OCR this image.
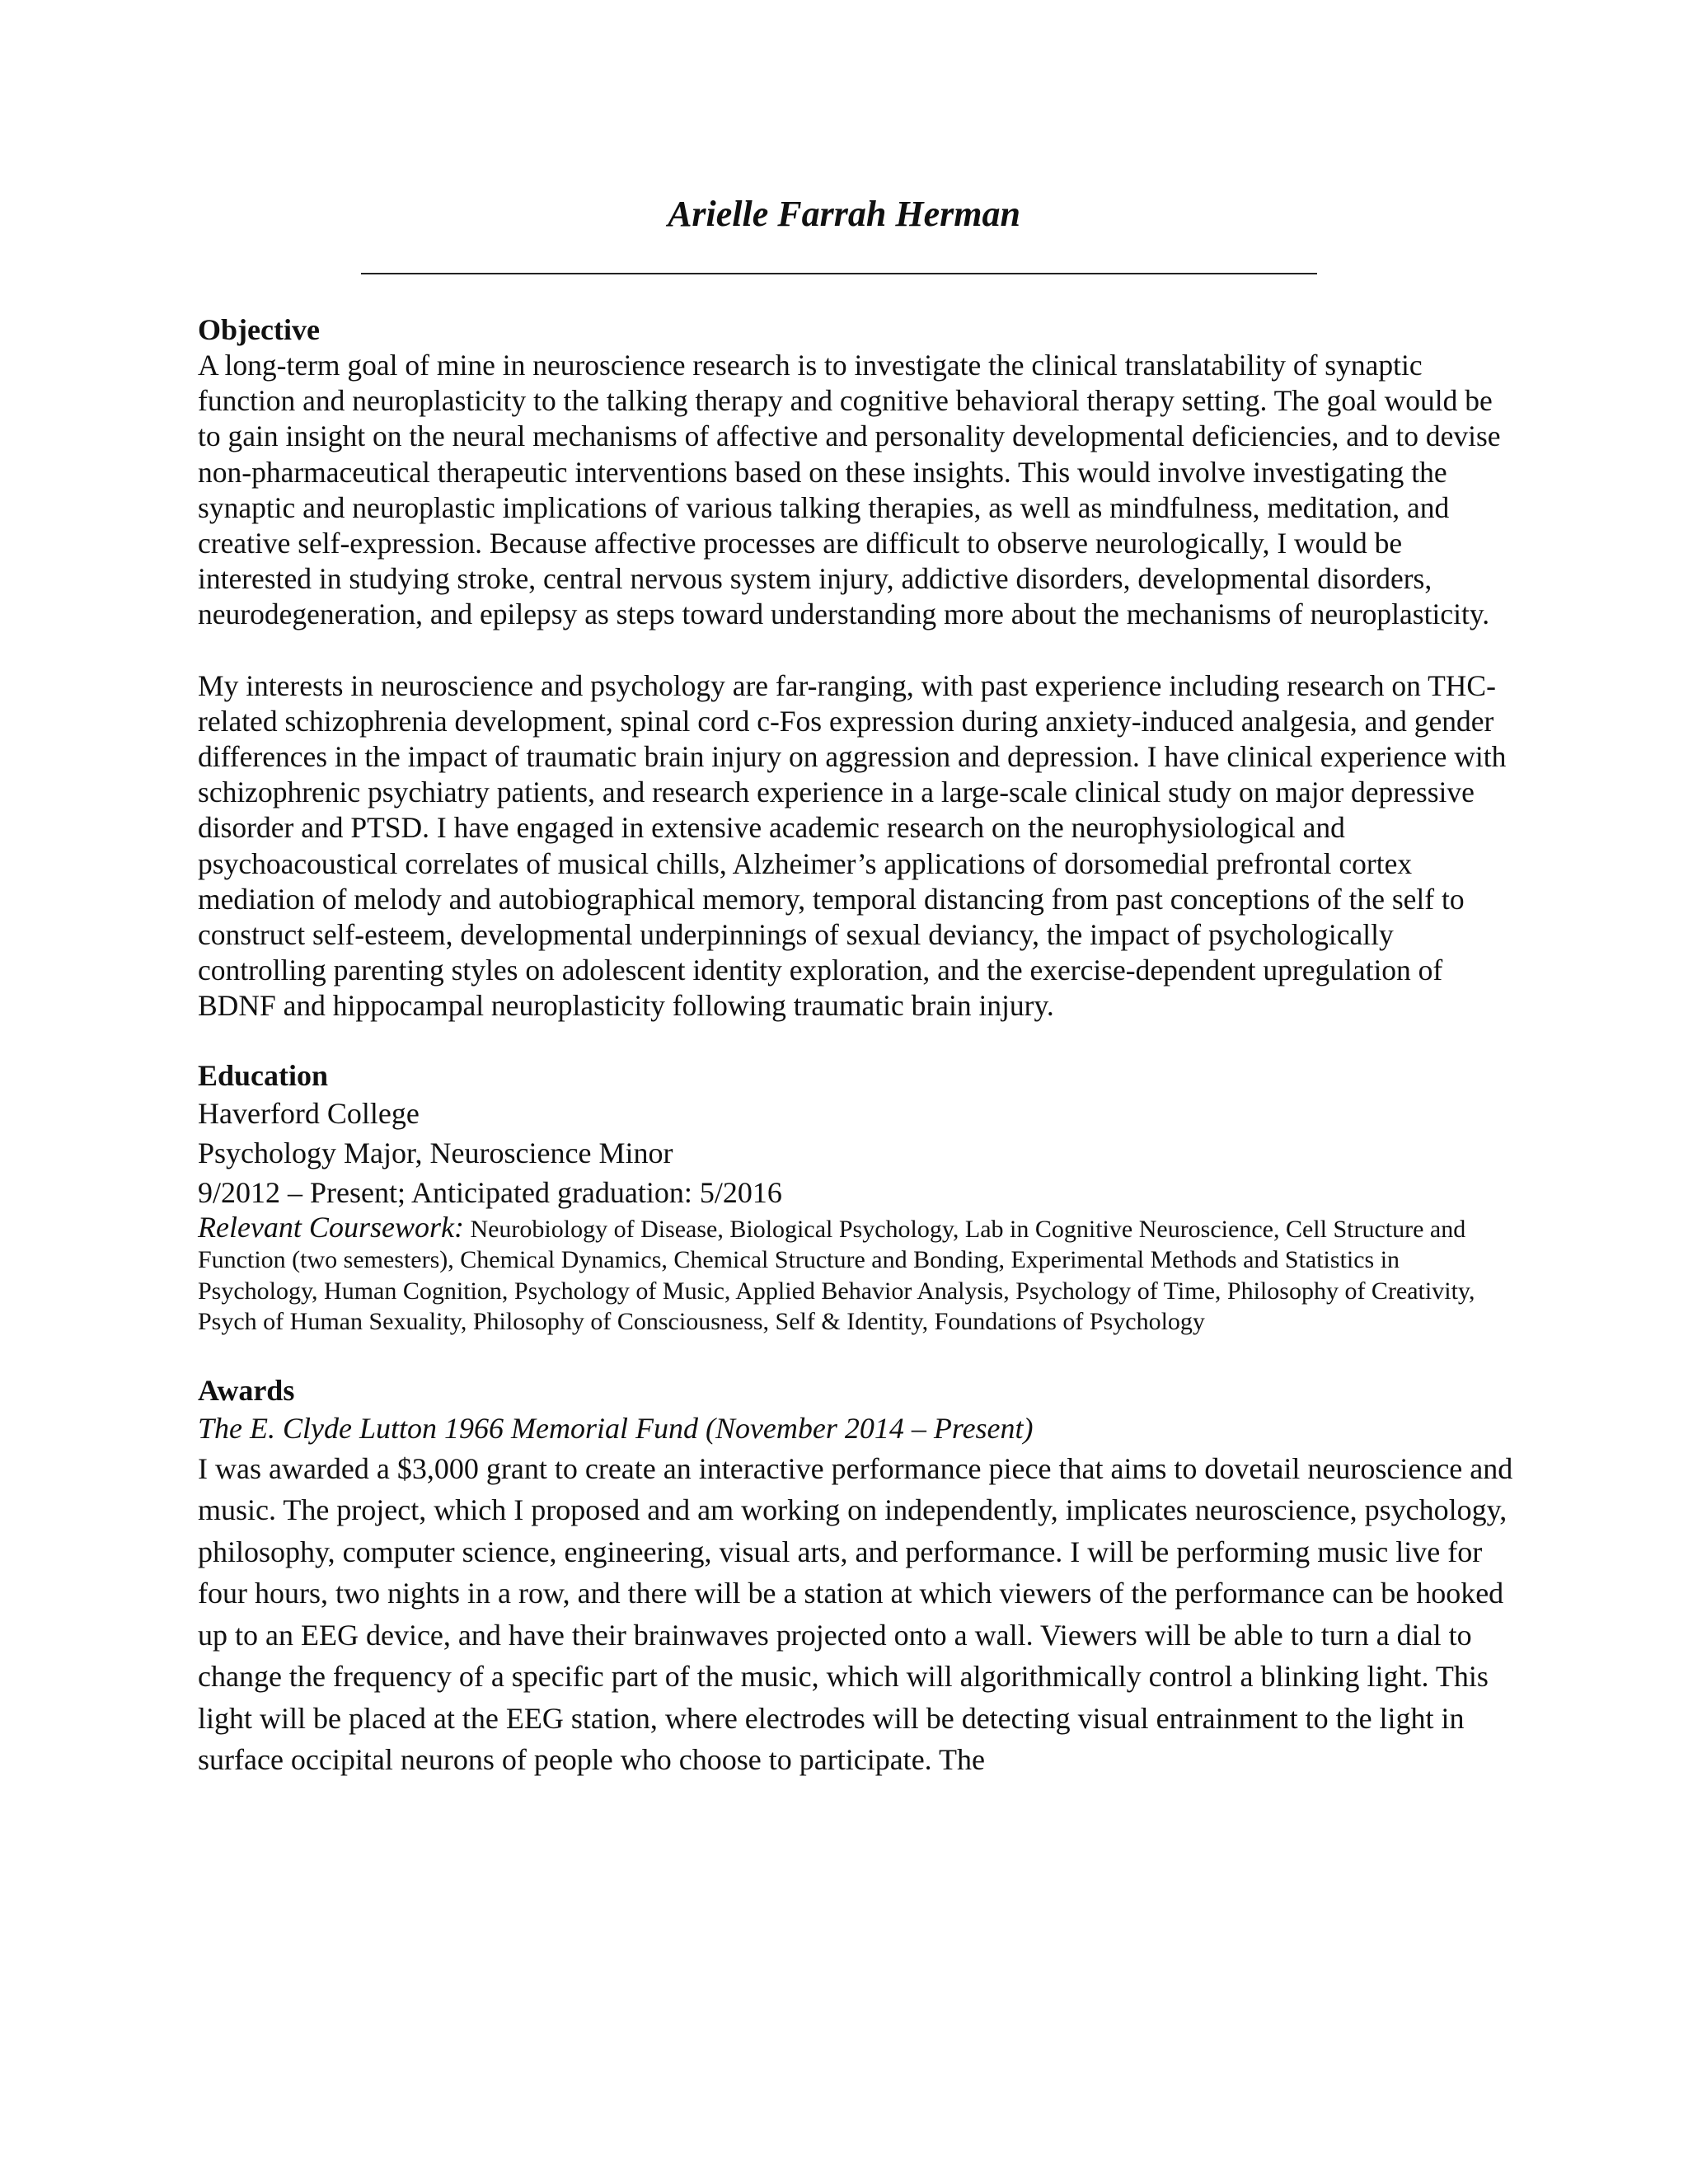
Arielle Farrah Herman
Objective

A long-term goal of mine in neuroscience research is to investigate the clinical translatability of synaptic function and neuroplasticity to the talking therapy and cognitive behavioral therapy setting. The goal would be to gain insight on the neural mechanisms of affective and personality developmental deficiencies, and to devise non-pharmaceutical therapeutic interventions based on these insights. This would involve investigating the synaptic and neuroplastic implications of various talking therapies, as well as mindfulness, meditation, and creative self-expression. Because affective processes are difficult to observe neurologically, I would be interested in studying stroke, central nervous system injury, addictive disorders, developmental disorders, neurodegeneration, and epilepsy as steps toward understanding more about the mechanisms of neuroplasticity.

My interests in neuroscience and psychology are far-ranging, with past experience including research on THC-related schizophrenia development, spinal cord c-Fos expression during anxiety-induced analgesia, and gender differences in the impact of traumatic brain injury on aggression and depression. I have clinical experience with schizophrenic psychiatry patients, and research experience in a large-scale clinical study on major depressive disorder and PTSD. I have engaged in extensive academic research on the neurophysiological and psychoacoustical correlates of musical chills, Alzheimer’s applications of dorsomedial prefrontal cortex mediation of melody and autobiographical memory, temporal distancing from past conceptions of the self to construct self-esteem, developmental underpinnings of sexual deviancy, the impact of psychologically controlling parenting styles on adolescent identity exploration, and the exercise-dependent upregulation of BDNF and hippocampal neuroplasticity following traumatic brain injury.

Education
Haverford College
Psychology Major, Neuroscience Minor
9/2012 – Present; Anticipated graduation: 5/2016

Relevant Coursework: Neurobiology of Disease, Biological Psychology, Lab in Cognitive Neuroscience, Cell Structure and Function (two semesters), Chemical Dynamics, Chemical Structure and Bonding, Experimental Methods and Statistics in Psychology, Human Cognition, Psychology of Music, Applied Behavior Analysis, Psychology of Time, Philosophy of Creativity, Psych of Human Sexuality, Philosophy of Consciousness, Self & Identity, Foundations of Psychology

Awards
The E. Clyde Lutton 1966 Memorial Fund (November 2014 – Present)

I was awarded a $3,000 grant to create an interactive performance piece that aims to dovetail neuroscience and music. The project, which I proposed and am working on independently, implicates neuroscience, psychology, philosophy, computer science, engineering, visual arts, and performance. I will be performing music live for four hours, two nights in a row, and there will be a station at which viewers of the performance can be hooked up to an EEG device, and have their brainwaves projected onto a wall. Viewers will be able to turn a dial to change the frequency of a specific part of the music, which will algorithmically control a blinking light. This light will be placed at the EEG station, where electrodes will be detecting visual entrainment to the light in surface occipital neurons of people who choose to participate. The
